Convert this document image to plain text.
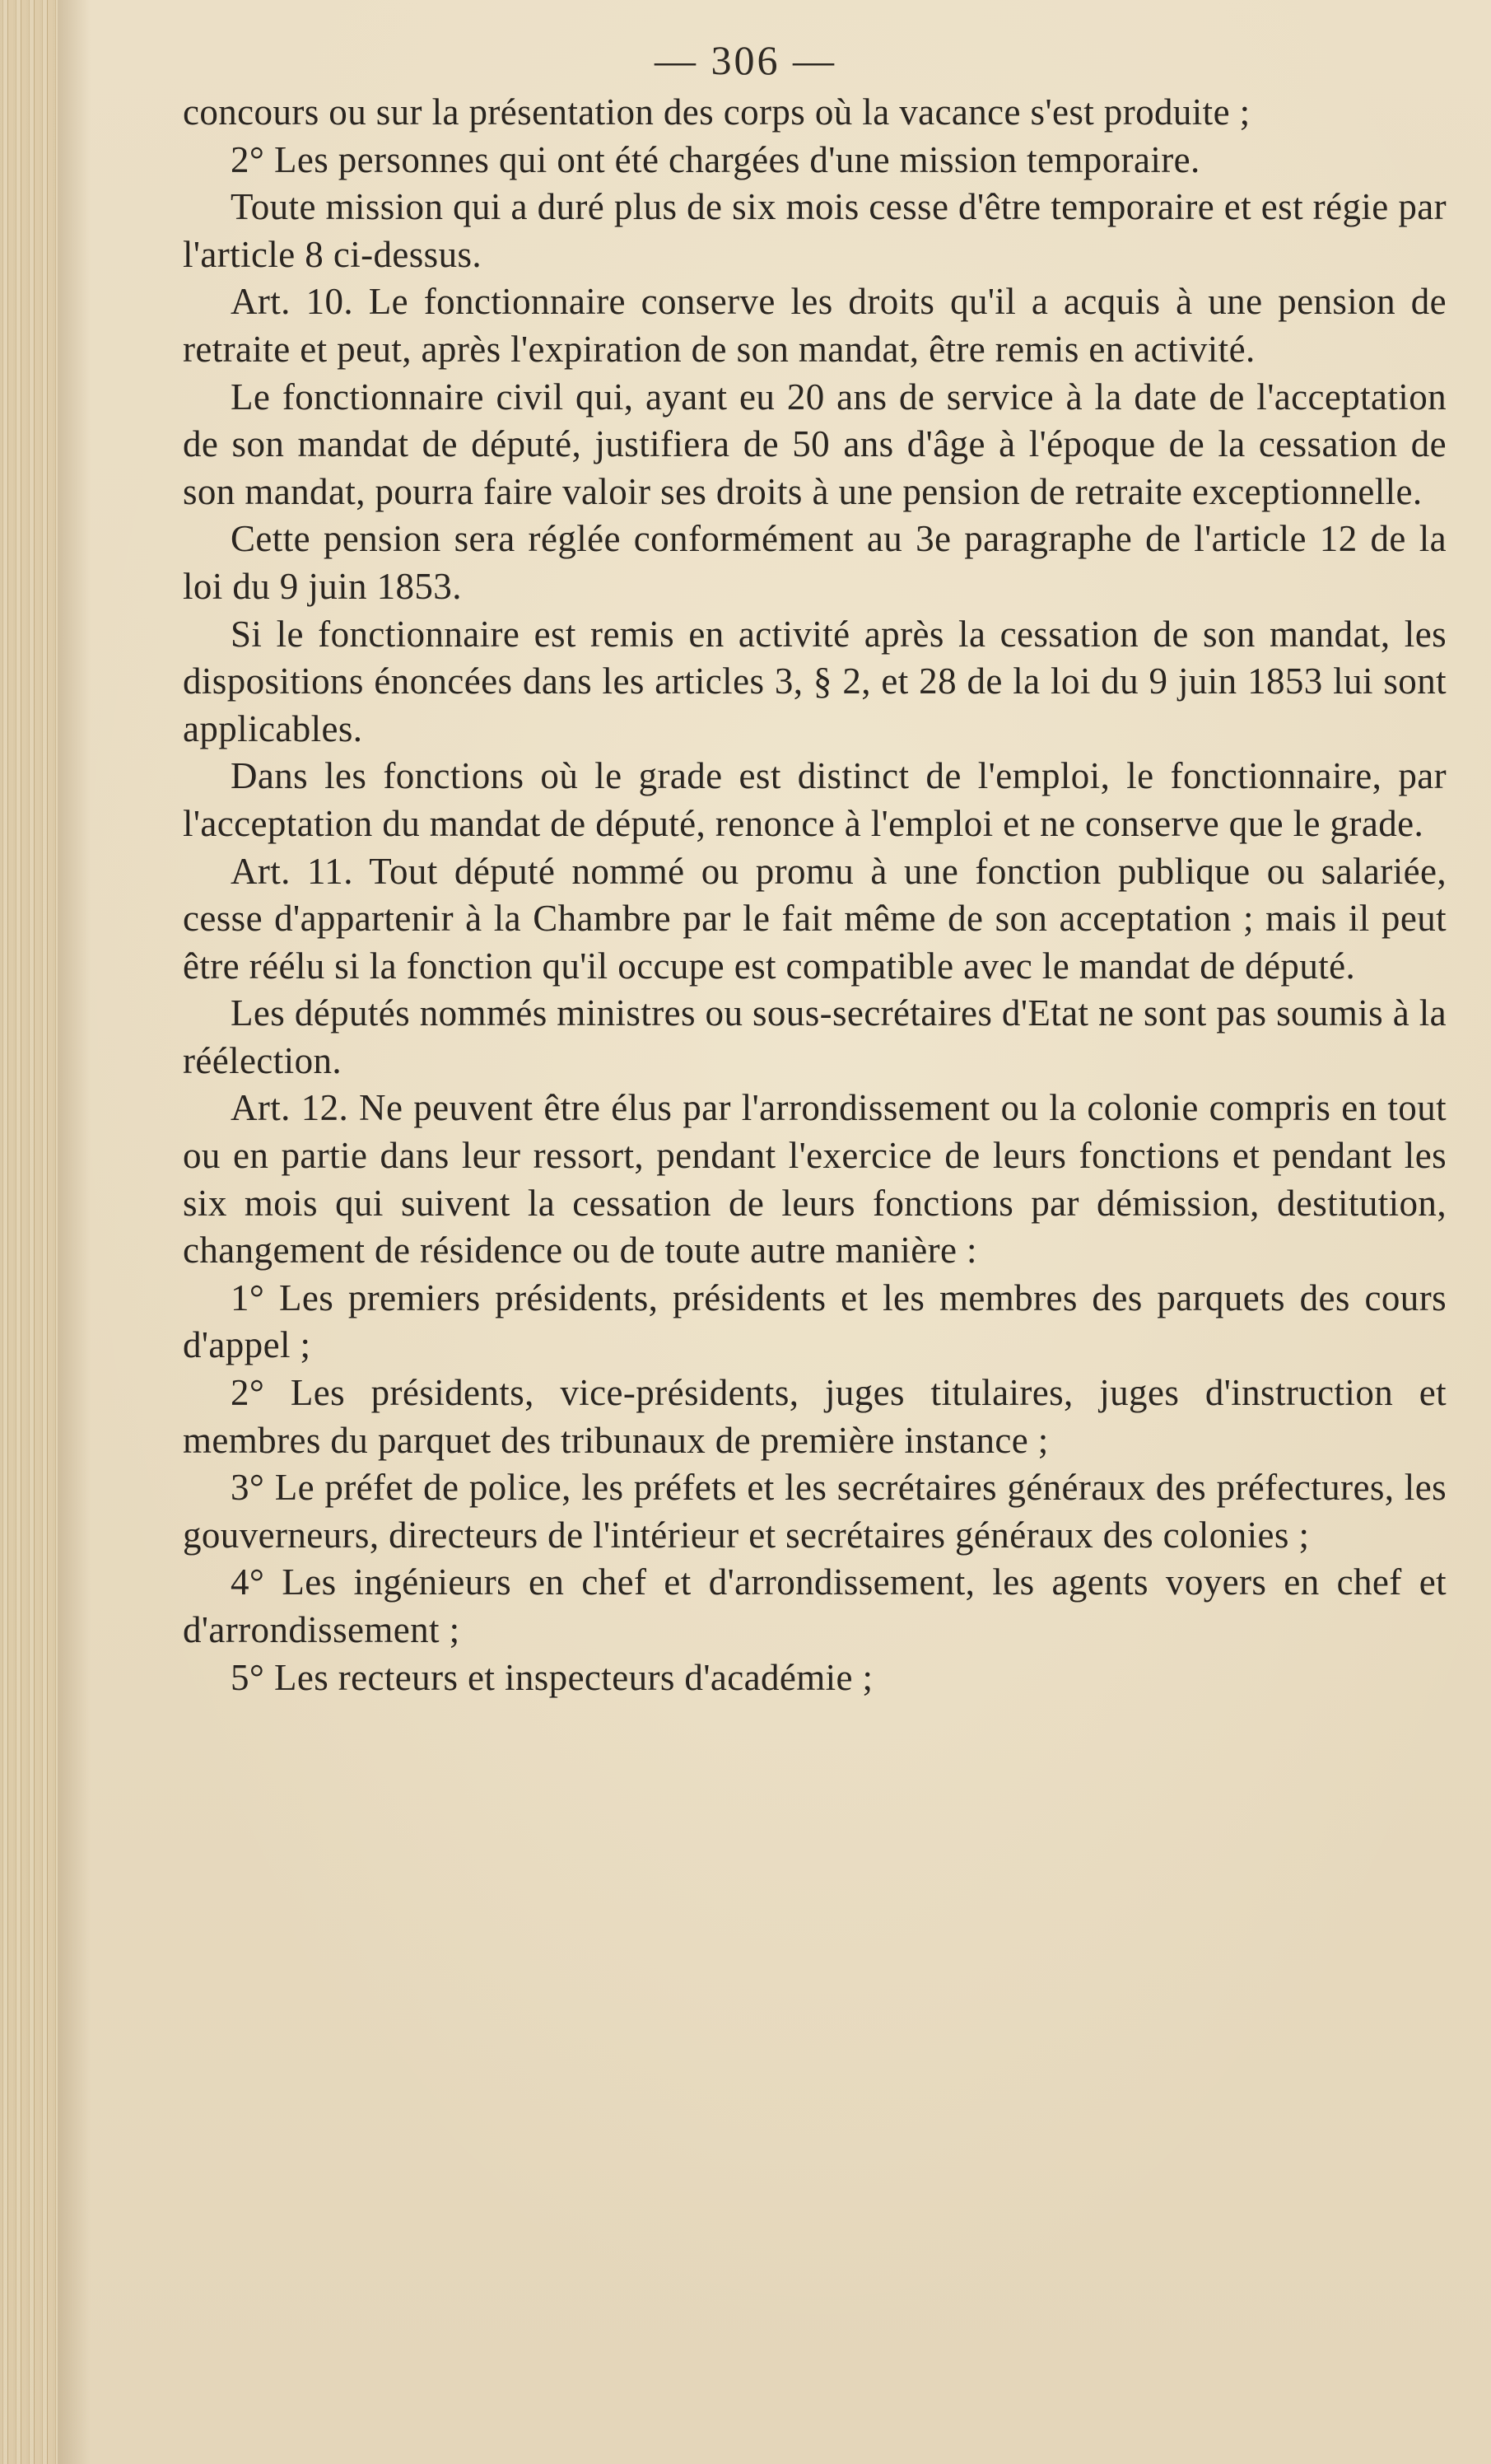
— 306 —

concours ou sur la présentation des corps où la vacance s'est produite ;

2° Les personnes qui ont été chargées d'une mission temporaire.

Toute mission qui a duré plus de six mois cesse d'être temporaire et est régie par l'article 8 ci-dessus.

Art. 10. Le fonctionnaire conserve les droits qu'il a acquis à une pension de retraite et peut, après l'expiration de son mandat, être remis en activité.

Le fonctionnaire civil qui, ayant eu 20 ans de service à la date de l'acceptation de son mandat de député, justifiera de 50 ans d'âge à l'époque de la cessation de son mandat, pourra faire valoir ses droits à une pension de retraite exceptionnelle.

Cette pension sera réglée conformément au 3e paragraphe de l'article 12 de la loi du 9 juin 1853.

Si le fonctionnaire est remis en activité après la cessation de son mandat, les dispositions énoncées dans les articles 3, § 2, et 28 de la loi du 9 juin 1853 lui sont applicables.

Dans les fonctions où le grade est distinct de l'emploi, le fonctionnaire, par l'acceptation du mandat de député, renonce à l'emploi et ne conserve que le grade.

Art. 11. Tout député nommé ou promu à une fonction publique ou salariée, cesse d'appartenir à la Chambre par le fait même de son acceptation ; mais il peut être réélu si la fonction qu'il occupe est compatible avec le mandat de député.

Les députés nommés ministres ou sous-secrétaires d'Etat ne sont pas soumis à la réélection.

Art. 12. Ne peuvent être élus par l'arrondissement ou la colonie compris en tout ou en partie dans leur ressort, pendant l'exercice de leurs fonctions et pendant les six mois qui suivent la cessation de leurs fonctions par démission, destitution, changement de résidence ou de toute autre manière :

1° Les premiers présidents, présidents et les membres des parquets des cours d'appel ;

2° Les présidents, vice-présidents, juges titulaires, juges d'instruction et membres du parquet des tribunaux de première instance ;

3° Le préfet de police, les préfets et les secrétaires généraux des préfectures, les gouverneurs, directeurs de l'intérieur et secrétaires généraux des colonies ;

4° Les ingénieurs en chef et d'arrondissement, les agents voyers en chef et d'arrondissement ;

5° Les recteurs et inspecteurs d'académie ;
